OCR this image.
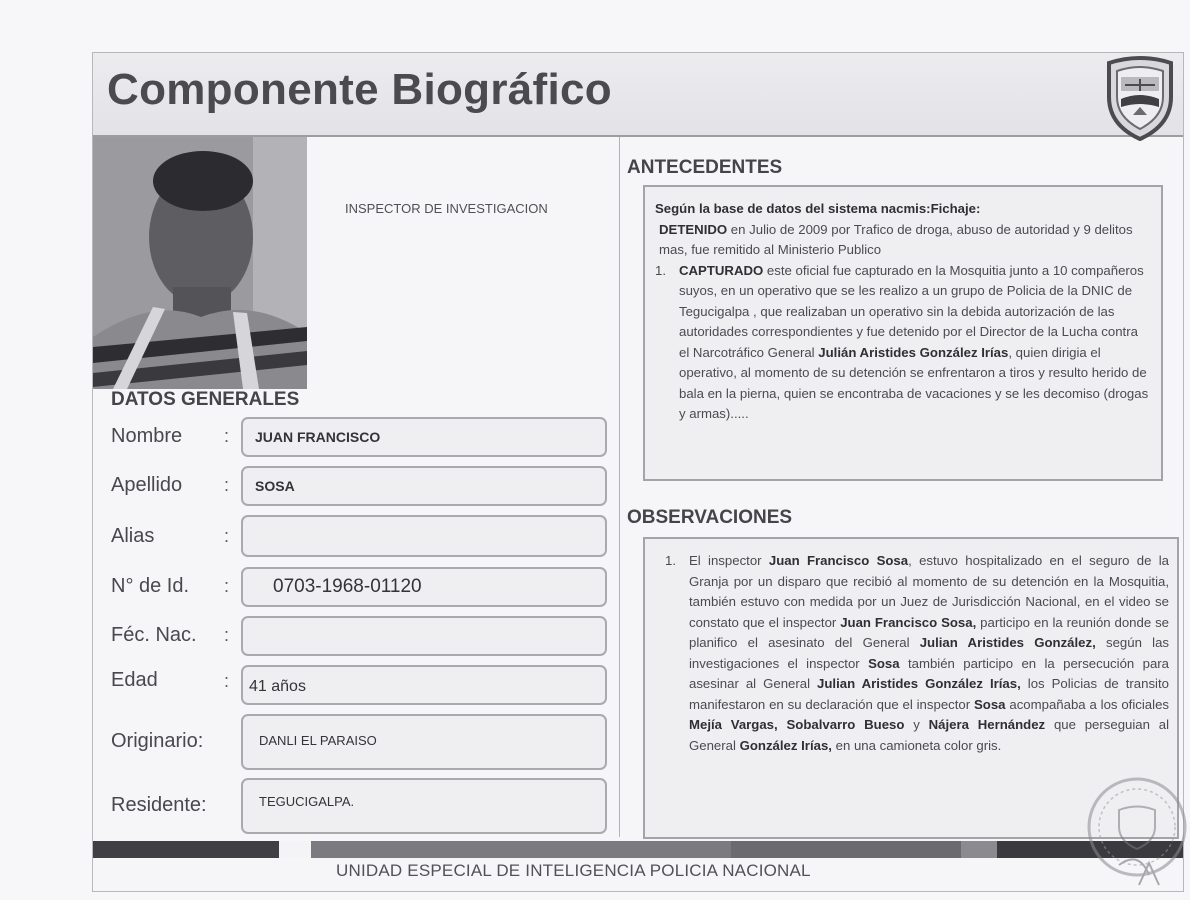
Componente Biográfico
INSPECTOR DE INVESTIGACION
DATOS GENERALES
Nombre : JUAN FRANCISCO
Apellido : SOSA
Alias	:
N° de Id. : 0703-1968-01120
Féc. Nac. :
Edad	: 41 años
Originario:	DANLI EL PARAISO
Residente:	TEGUCIGALPA.
ANTECEDENTES
Según la base de datos del sistema nacmis:Fichaje:
DETENIDO en Julio de 2009 por Trafico de droga, abuso de autoridad y 9 delitos mas, fue remitido al Ministerio Publico
1. CAPTURADO este oficial fue capturado en la Mosquitia junto a 10 compañeros suyos, en un operativo que se les realizo a un grupo de Policia de la DNIC de Tegucigalpa , que realizaban un operativo sin la debida autorización de las autoridades correspondientes y fue detenido por el Director de la Lucha contra el Narcotráfico General Julián Aristides González Irías, quien dirigia el operativo, al momento de su detención se enfrentaron a tiros y resulto herido de bala en la pierna, quien se encontraba de vacaciones y se les decomiso (drogas y armas).....
OBSERVACIONES
1. El inspector Juan Francisco Sosa, estuvo hospitalizado en el seguro de la Granja por un disparo que recibió al momento de su detención en la Mosquitia, también estuvo con medida por un Juez de Jurisdicción Nacional, en el video se constato que el inspector Juan Francisco Sosa, participo en la reunión donde se planifico el asesinato del General Julian Aristides González, según las investigaciones el inspector Sosa también participo en la persecución para asesinar al General Julian Aristides González Irías, los Policias de transito manifestaron en su declaración que el inspector Sosa acompañaba a los oficiales Mejía Vargas, Sobalvarro Bueso y Nájera Hernández que perseguian al General González Irías, en una camioneta color gris.
UNIDAD ESPECIAL DE INTELIGENCIA POLICIA NACIONAL
